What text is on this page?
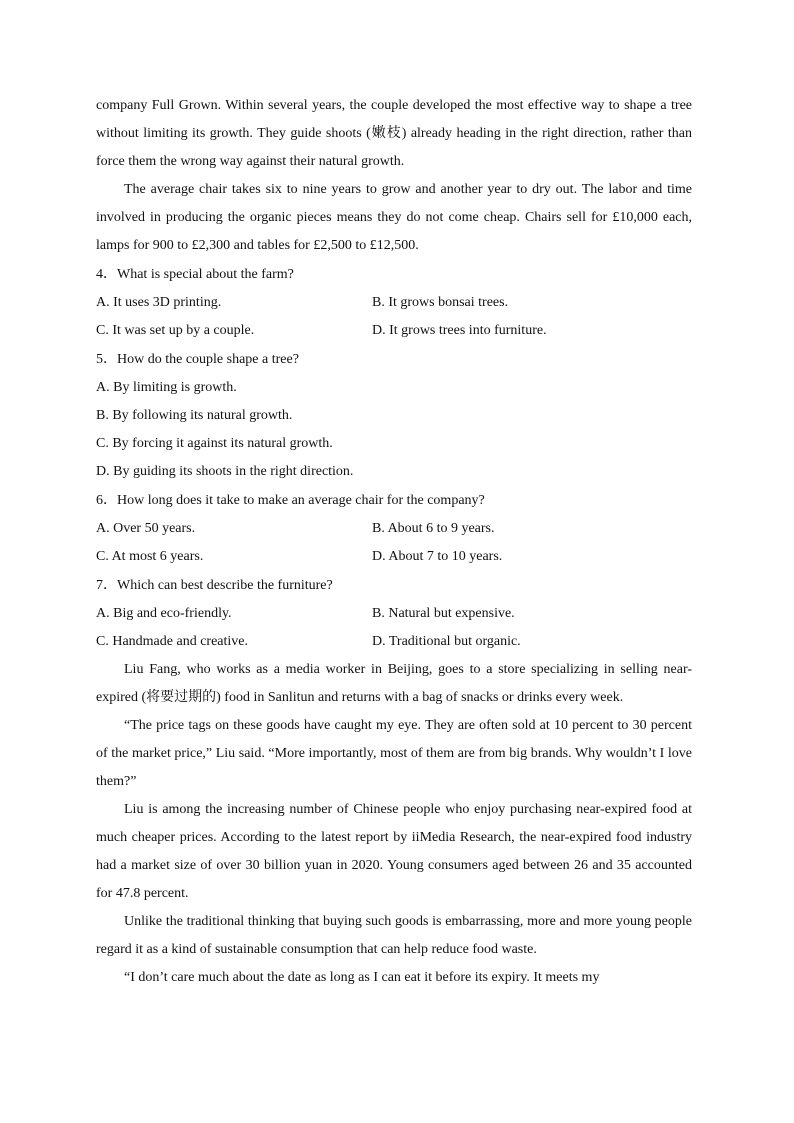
company Full Grown. Within several years, the couple developed the most effective way to shape a tree without limiting its growth. They guide shoots (嫩枝) already heading in the right direction, rather than force them the wrong way against their natural growth.

The average chair takes six to nine years to grow and another year to dry out. The labor and time involved in producing the organic pieces means they do not come cheap. Chairs sell for £10,000 each, lamps for 900 to £2,300 and tables for £2,500 to £12,500.

4．What is special about the farm?
A. It uses 3D printing.	B. It grows bonsai trees.
C. It was set up by a couple.	D. It grows trees into furniture.
5．How do the couple shape a tree?
A. By limiting is growth.
B. By following its natural growth.
C. By forcing it against its natural growth.
D. By guiding its shoots in the right direction.
6．How long does it take to make an average chair for the company?
A. Over 50 years.	B. About 6 to 9 years.
C. At most 6 years.	D. About 7 to 10 years.
7．Which can best describe the furniture?
A. Big and eco-friendly.	B. Natural but expensive.
C. Handmade and creative.	D. Traditional but organic.

Liu Fang, who works as a media worker in Beijing, goes to a store specializing in selling near-expired (将要过期的) food in Sanlitun and returns with a bag of snacks or drinks every week.

“The price tags on these goods have caught my eye. They are often sold at 10 percent to 30 percent of the market price,” Liu said. “More importantly, most of them are from big brands. Why wouldn’t I love them?”

Liu is among the increasing number of Chinese people who enjoy purchasing near-expired food at much cheaper prices. According to the latest report by iiMedia Research, the near-expired food industry had a market size of over 30 billion yuan in 2020. Young consumers aged between 26 and 35 accounted for 47.8 percent.

Unlike the traditional thinking that buying such goods is embarrassing, more and more young people regard it as a kind of sustainable consumption that can help reduce food waste.

“I don’t care much about the date as long as I can eat it before its expiry. It meets my
